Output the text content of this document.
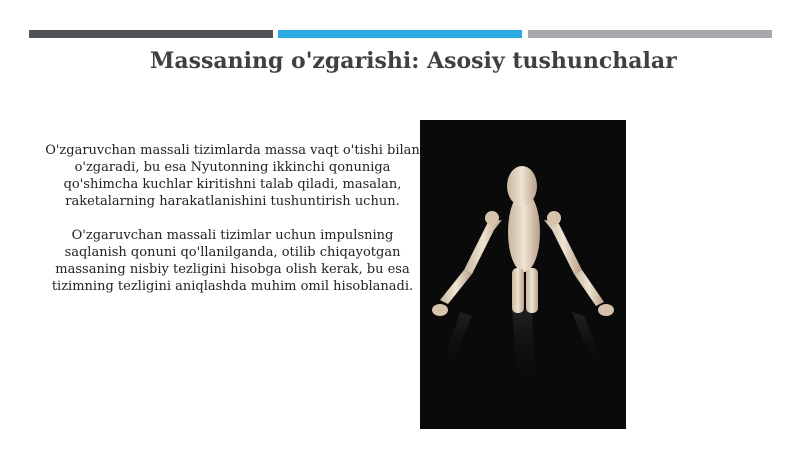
Massaning o'zgarishi: Asosiy tushunchalar

O'zgaruvchan massali tizimlarda massa vaqt o'tishi bilan o'zgaradi, bu esa Nyutonning ikkinchi qonuniga qo'shimcha kuchlar kiritishni talab qiladi, masalan, raketalarning harakatlanishini tushuntirish uchun.

O'zgaruvchan massali tizimlar uchun impulsning saqlanish qonuni qo'llanilganda, otilib chiqayotgan massaning nisbiy tezligini hisobga olish kerak, bu esa tizimning tezligini aniqlashda muhim omil hisoblanadi.
